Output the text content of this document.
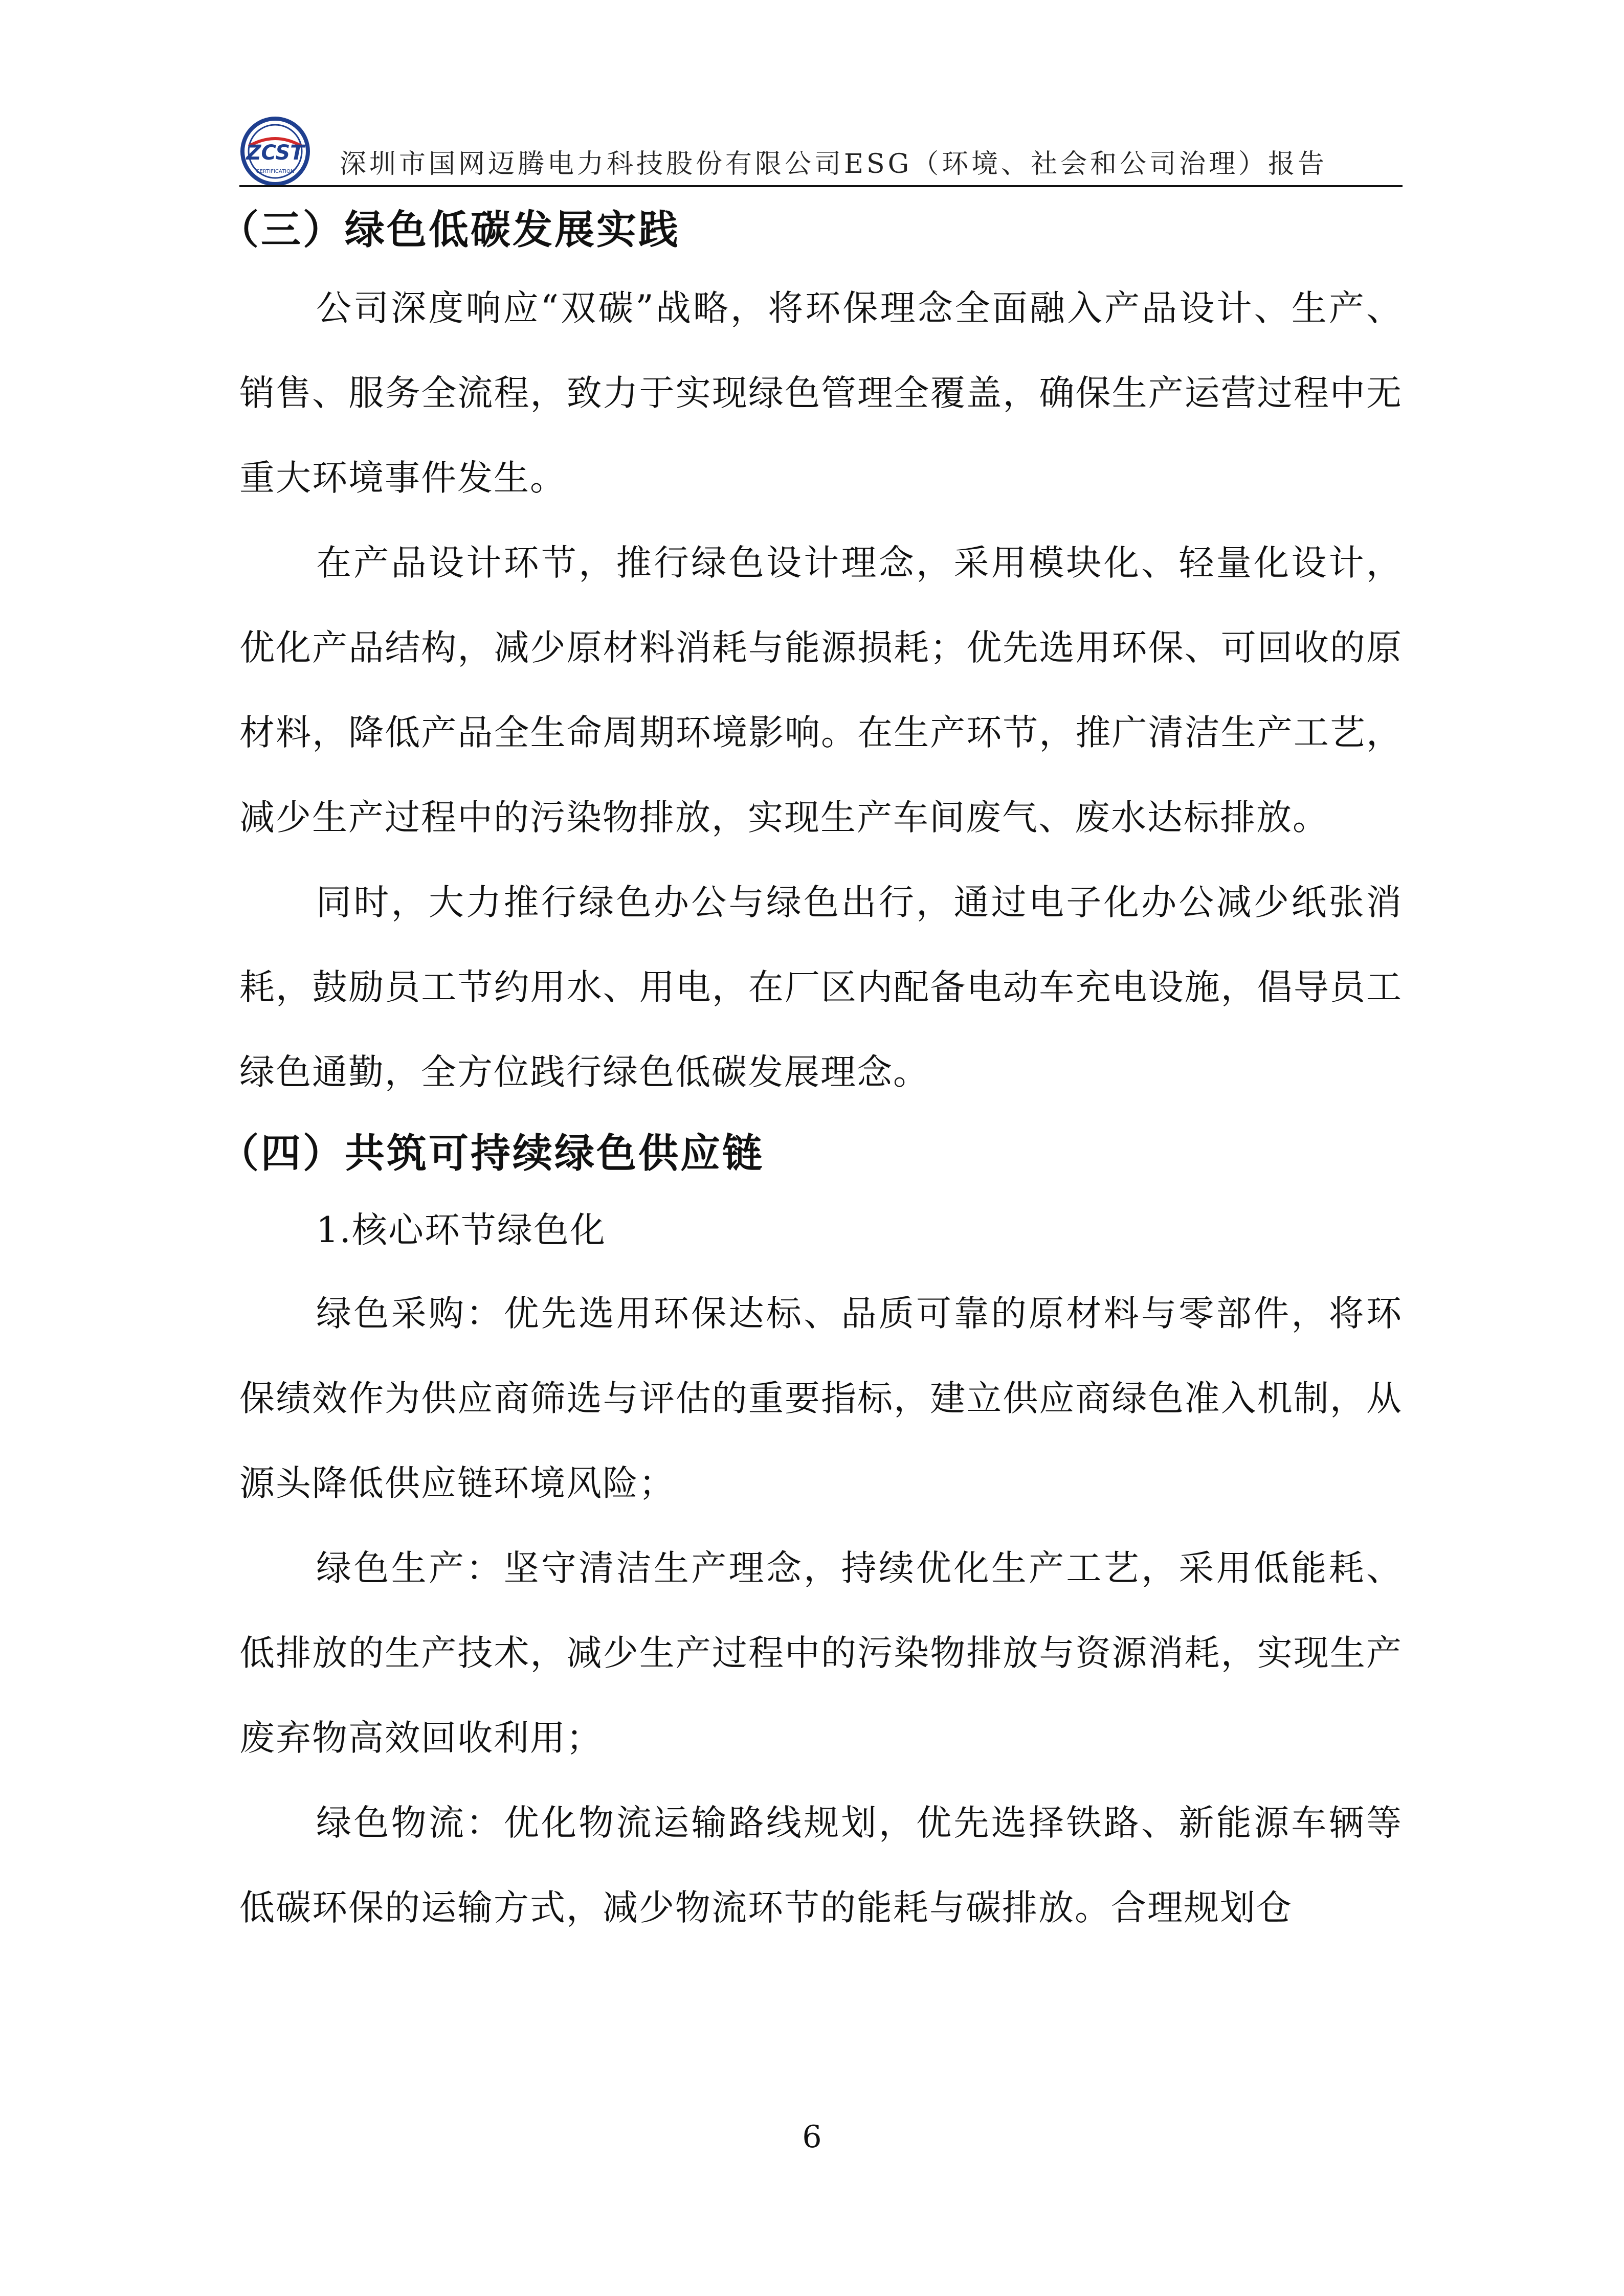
ZCST
CERTIFICATION 深圳市国网迈腾电力科技股份有限公司ESG（环境、社会和公司治理）报告
（三）绿色低碳发展实践

公司深度响应“双碳”战略，将环保理念全面融入产品设计、生产、销售、服务全流程，致力于实现绿色管理全覆盖，确保生产运营过程中无重大环境事件发生。

在产品设计环节，推行绿色设计理念，采用模块化、轻量化设计，优化产品结构，减少原材料消耗与能源损耗；优先选用环保、可回收的原材料，降低产品全生命周期环境影响。在生产环节，推广清洁生产工艺，减少生产过程中的污染物排放，实现生产车间废气、废水达标排放。

同时，大力推行绿色办公与绿色出行，通过电子化办公减少纸张消耗，鼓励员工节约用水、用电，在厂区内配备电动车充电设施，倡导员工绿色通勤，全方位践行绿色低碳发展理念。

（四）共筑可持续绿色供应链

1.核心环节绿色化

绿色采购：优先选用环保达标、品质可靠的原材料与零部件，将环保绩效作为供应商筛选与评估的重要指标，建立供应商绿色准入机制，从源头降低供应链环境风险；

绿色生产：坚守清洁生产理念，持续优化生产工艺，采用低能耗、低排放的生产技术，减少生产过程中的污染物排放与资源消耗，实现生产废弃物高效回收利用；

绿色物流：优化物流运输路线规划，优先选择铁路、新能源车辆等低碳环保的运输方式，减少物流环节的能耗与碳排放。合理规划仓

6
